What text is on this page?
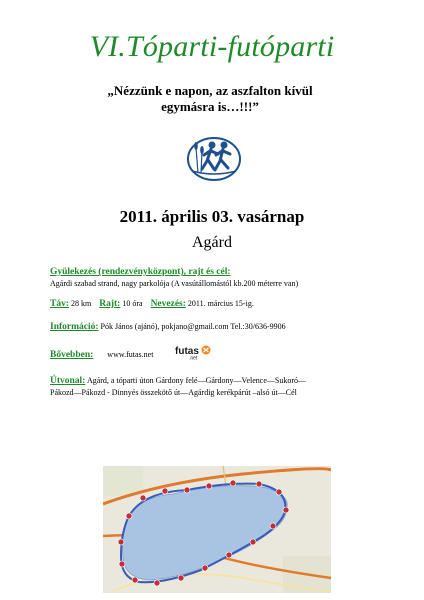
VI.Tóparti-futóparti
„Nézzünk e napon, az aszfalton kívül
egymásra is…!!!”
2011. április 03. vasárnap
Agárd
Gyülekezés (rendezvényközpont), rajt és cél:
Agárdi szabad strand, nagy parkolója (A vasútállomástól kb.200 méterre van)
Táv: 28 km Rajt: 10 óra Nevezés: 2011. március 15-ig.
Információ: Pók János (ajánó), pokjano@gmail.com Tel.:30/636-9906
Bővebben: www.futas.net	futas
.net
Útvonal: Agárd, a tóparti úton Gárdony felé—Gárdony—Velence—Sukoró—
Pákozd—Pákozd - Dinnyés összekötő út—Agárdig kerékpárút –alsó út—Cél
